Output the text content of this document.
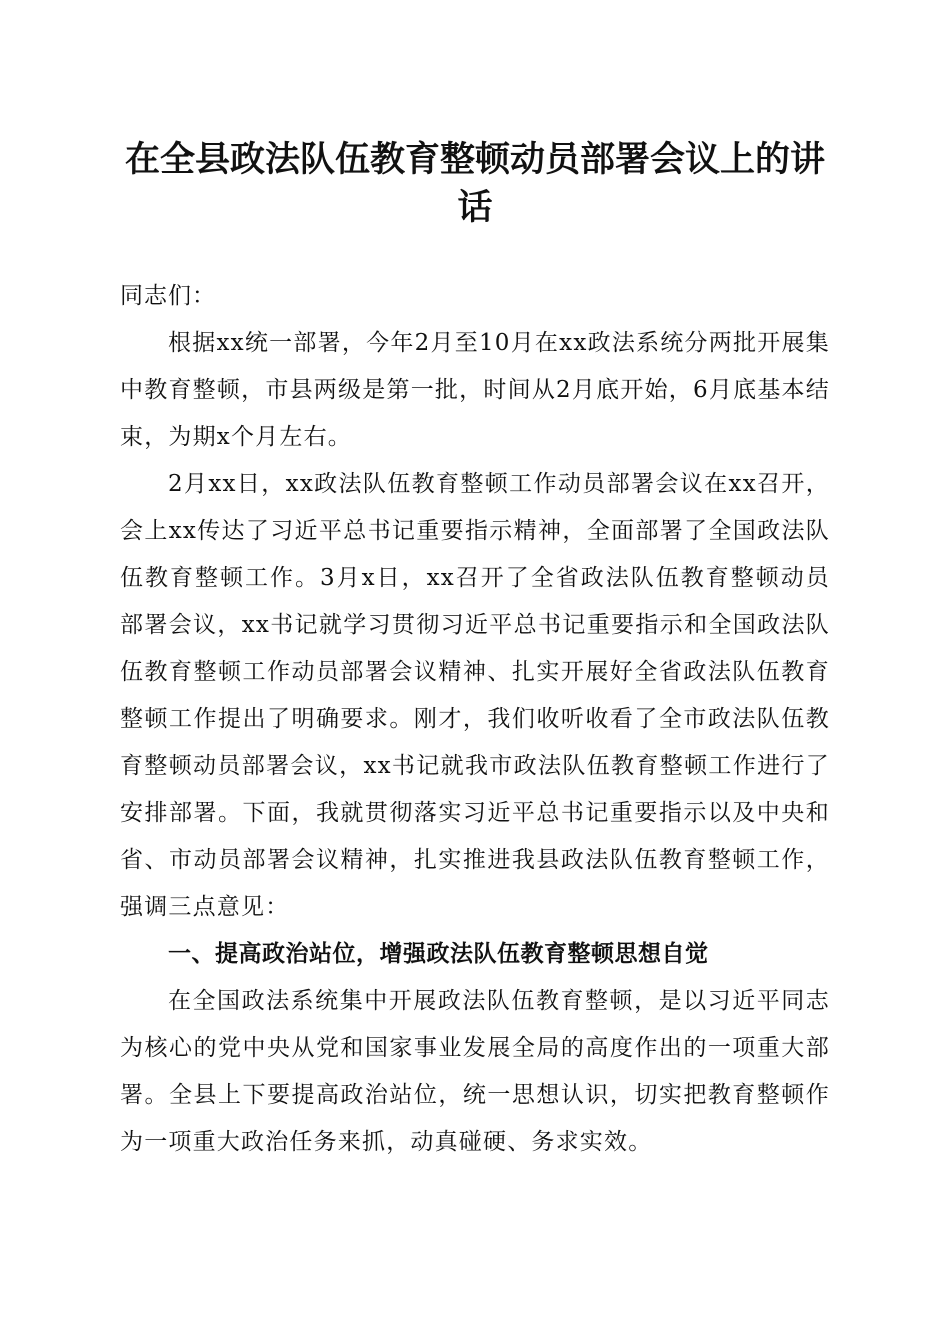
在全县政法队伍教育整顿动员部署会议上的讲话

同志们：

根据xx统一部署，今年2月至10月在xx政法系统分两批开展集中教育整顿，市县两级是第一批，时间从2月底开始，6月底基本结束，为期x个月左右。

2月xx日，xx政法队伍教育整顿工作动员部署会议在xx召开，会上xx传达了习近平总书记重要指示精神，全面部署了全国政法队伍教育整顿工作。3月x日，xx召开了全省政法队伍教育整顿动员部署会议，xx书记就学习贯彻习近平总书记重要指示和全国政法队伍教育整顿工作动员部署会议精神、扎实开展好全省政法队伍教育整顿工作提出了明确要求。刚才，我们收听收看了全市政法队伍教育整顿动员部署会议，xx书记就我市政法队伍教育整顿工作进行了安排部署。下面，我就贯彻落实习近平总书记重要指示以及中央和省、市动员部署会议精神，扎实推进我县政法队伍教育整顿工作，强调三点意见：

一、提高政治站位，增强政法队伍教育整顿思想自觉

在全国政法系统集中开展政法队伍教育整顿，是以习近平同志为核心的党中央从党和国家事业发展全局的高度作出的一项重大部署。全县上下要提高政治站位，统一思想认识，切实把教育整顿作为一项重大政治任务来抓，动真碰硬、务求实效。
